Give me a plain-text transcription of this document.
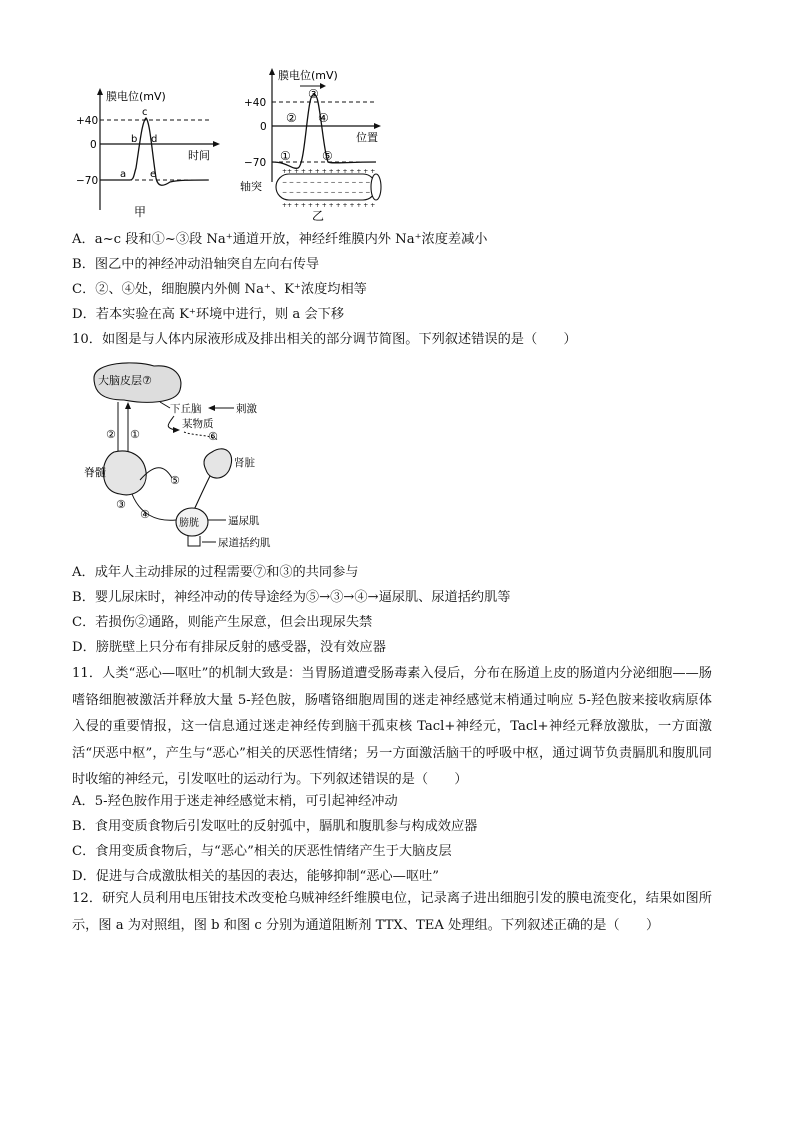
膜电位(mV)
时间
+40
0
−70
a
b
c
d
e
甲
膜电位(mV)
位置
+40
0
−70 ①
②
③
④
⑤
轴突
++ + + + + + + + + + + + +
− − − − − − − − − − − − −
− − − − − − − − − − − − −
++ + + + + + + + + + + + +
乙
A．a~c 段和①~③段 Na⁺通道开放，神经纤维膜内外 Na⁺浓度差减小
B．图乙中的神经冲动沿轴突自左向右传导
C．②、④处，细胞膜内外侧 Na⁺、K⁺浓度均相等
D．若本实验在高 K⁺环境中进行，则 a 会下移
10．如图是与人体内尿液形成及排出相关的部分调节简图。下列叙述错误的是（　　）
大脑皮层⑦
② ①
下丘脑	刺激
某物质
⑥
肾脏
脊髓
③
⑤
④
膀胱	逼尿肌
尿道括约肌
A．成年人主动排尿的过程需要⑦和③的共同参与
B．婴儿尿床时，神经冲动的传导途经为⑤→③→④→逼尿肌、尿道括约肌等
C．若损伤②通路，则能产生尿意，但会出现尿失禁
D．膀胱壁上只分布有排尿反射的感受器，没有效应器
11．人类“恶心—呕吐”的机制大致是：当胃肠道遭受肠毒素入侵后，分布在肠道上皮的肠道内分泌细胞——肠嗜铬细胞被激活并释放大量 5-羟色胺，肠嗜铬细胞周围的迷走神经感觉末梢通过响应 5-羟色胺来接收病原体入侵的重要情报，这一信息通过迷走神经传到脑干孤束核 Tacl+神经元，Tacl+神经元释放激肽，一方面激活“厌恶中枢”，产生与“恶心”相关的厌恶性情绪；另一方面激活脑干的呼吸中枢，通过调节负责膈肌和腹肌同时收缩的神经元，引发呕吐的运动行为。下列叙述错误的是（　　）
A．5-羟色胺作用于迷走神经感觉末梢，可引起神经冲动
B．食用变质食物后引发呕吐的反射弧中，膈肌和腹肌参与构成效应器
C．食用变质食物后，与“恶心”相关的厌恶性情绪产生于大脑皮层
D．促进与合成激肽相关的基因的表达，能够抑制“恶心—呕吐”
12．研究人员利用电压钳技术改变枪乌贼神经纤维膜电位，记录离子进出细胞引发的膜电流变化，结果如图所示，图 a 为对照组，图 b 和图 c 分别为通道阻断剂 TTX、TEA 处理组。下列叙述正确的是（　　）
